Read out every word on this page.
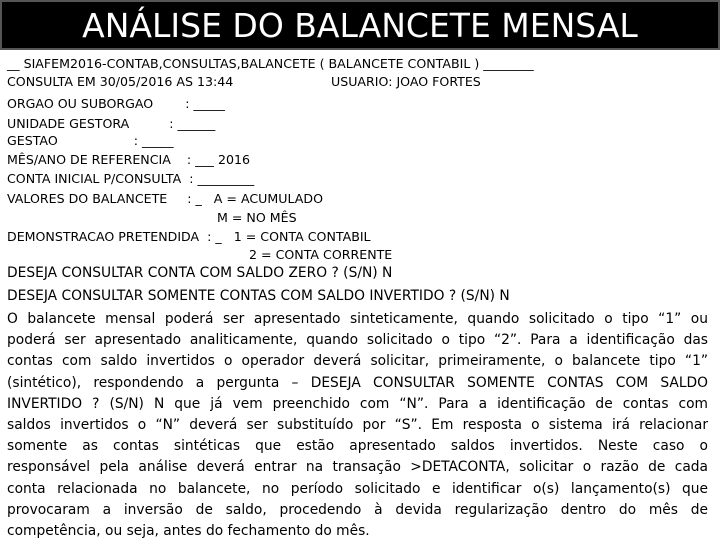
ANÁLISE DO BALANCETE MENSAL
__ SIAFEM2016-CONTAB,CONSULTAS,BALANCETE ( BALANCETE CONTABIL ) ________

CONSULTA EM 30/05/2016 AS 13:44

	USUARIO: JOAO FORTES

ORGAO OU SUBORGAO        : _____
UNIDADE GESTORA          : ______
GESTAO                   : _____
MÊS/ANO DE REFERENCIA    : ___ 2016
CONTA INICIAL P/CONSULTA  : _________
VALORES DO BALANCETE     : _   A = ACUMULADO

M = NO MÊS

DEMONSTRACAO PRETENDIDA  : _   1 = CONTA CONTABIL

2 = CONTA CORRENTE

DESEJA CONSULTAR CONTA COM SALDO ZERO ? (S/N) N
DESEJA CONSULTAR SOMENTE CONTAS COM SALDO INVERTIDO ? (S/N) N
O balancete mensal poderá ser apresentado sinteticamente, quando solicitado o tipo “1” ou
poderá ser apresentado analiticamente, quando solicitado o tipo “2”. Para a identificação das
contas com saldo invertidos o operador deverá solicitar, primeiramente, o balancete tipo “1”
(sintético), respondendo a pergunta – DESEJA CONSULTAR SOMENTE CONTAS COM SALDO
INVERTIDO ? (S/N) N que já vem preenchido com “N”. Para a identificação de contas com
saldos invertidos o “N” deverá ser substituído por “S”. Em resposta o sistema irá relacionar
somente as contas sintéticas que estão apresentado saldos invertidos. Neste caso o
responsável pela análise deverá entrar na transação >DETACONTA, solicitar o razão de cada
conta relacionada no balancete, no período solicitado e identificar o(s) lançamento(s) que
provocaram a inversão de saldo, procedendo à devida regularização dentro do mês de
competência, ou seja, antes do fechamento do mês.
